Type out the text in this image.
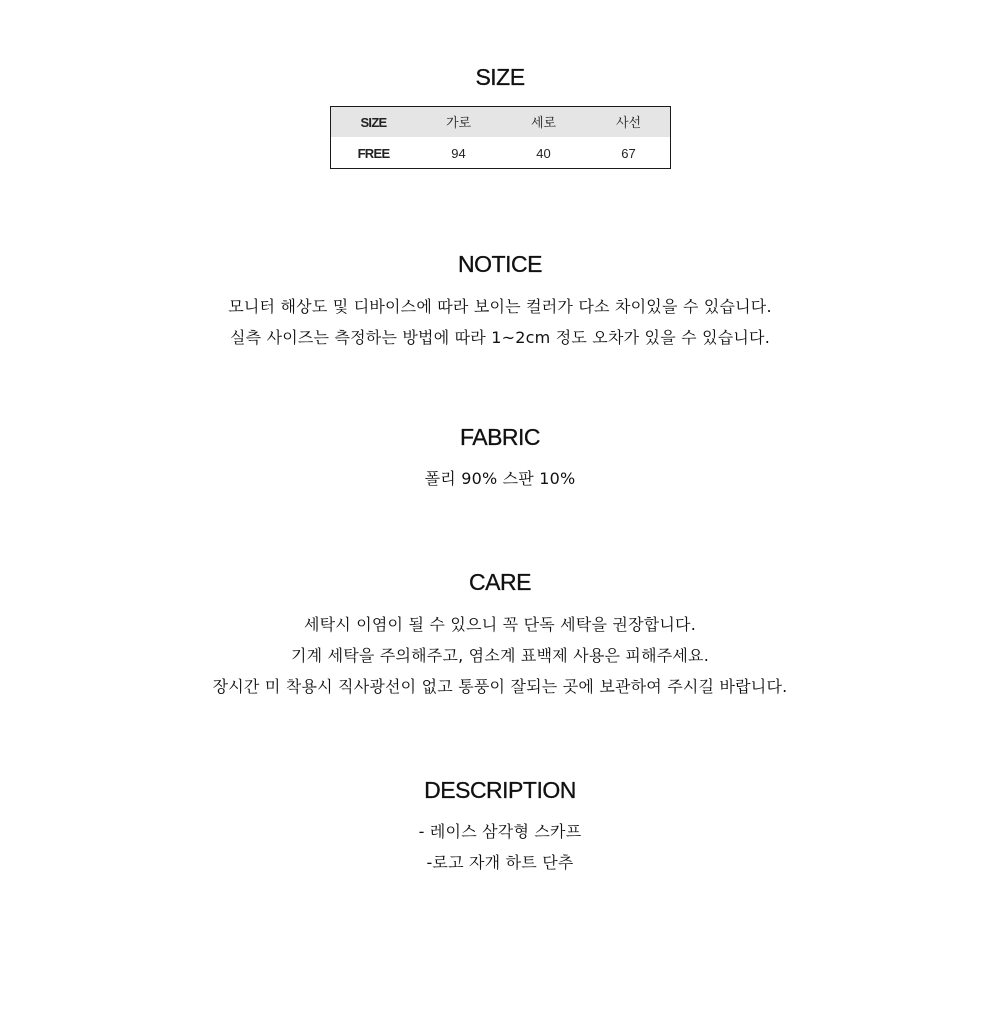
SIZE
SIZE	가로	세로	사선
FREE	94	40	67
NOTICE
모니터 해상도 및 디바이스에 따라 보이는 컬러가 다소 차이있을 수 있습니다.
실측 사이즈는 측정하는 방법에 따라 1~2cm 정도 오차가 있을 수 있습니다.
FABRIC
폴리 90% 스판 10%
CARE
세탁시 이염이 될 수 있으니 꼭 단독 세탁을 권장합니다.
기계 세탁을 주의해주고, 염소계 표백제 사용은 피해주세요.
장시간 미 착용시 직사광선이 없고 통풍이 잘되는 곳에 보관하여 주시길 바랍니다.
DESCRIPTION
- 레이스 삼각형 스카프
-로고 자개 하트 단추
